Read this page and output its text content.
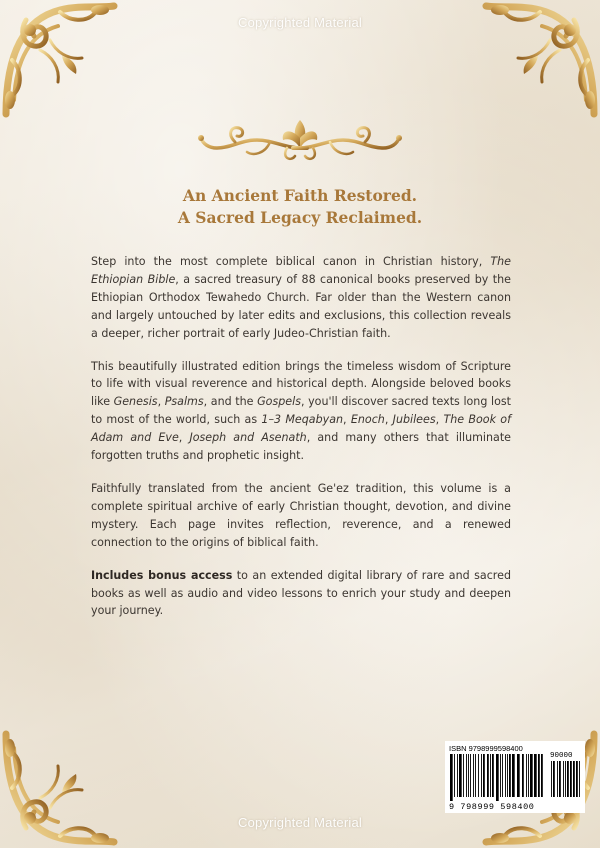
Copyrighted Material
An Ancient Faith Restored.
A Sacred Legacy Reclaimed.

Step into the most complete biblical canon in Christian history, The Ethiopian Bible, a sacred treasury of 88 canonical books preserved by the Ethiopian Orthodox Tewahedo Church. Far older than the Western canon and largely untouched by later edits and exclusions, this collection reveals a deeper, richer portrait of early Judeo-Christian faith.

This beautifully illustrated edition brings the timeless wisdom of Scripture to life with visual reverence and historical depth. Alongside beloved books like Genesis, Psalms, and the Gospels, you'll discover sacred texts long lost to most of the world, such as 1–3 Meqabyan, Enoch, Jubilees, The Book of Adam and Eve, Joseph and Asenath, and many others that illuminate forgotten truths and prophetic insight.

Faithfully translated from the ancient Ge'ez tradition, this volume is a complete spiritual archive of early Christian thought, devotion, and divine mystery. Each page invites reflection, reverence, and a renewed connection to the origins of biblical faith.

Includes bonus access to an extended digital library of rare and sacred books as well as audio and video lessons to enrich your study and deepen your journey.

ISBN 9798999598400
90000
9 798999 598400
Copyrighted Material
